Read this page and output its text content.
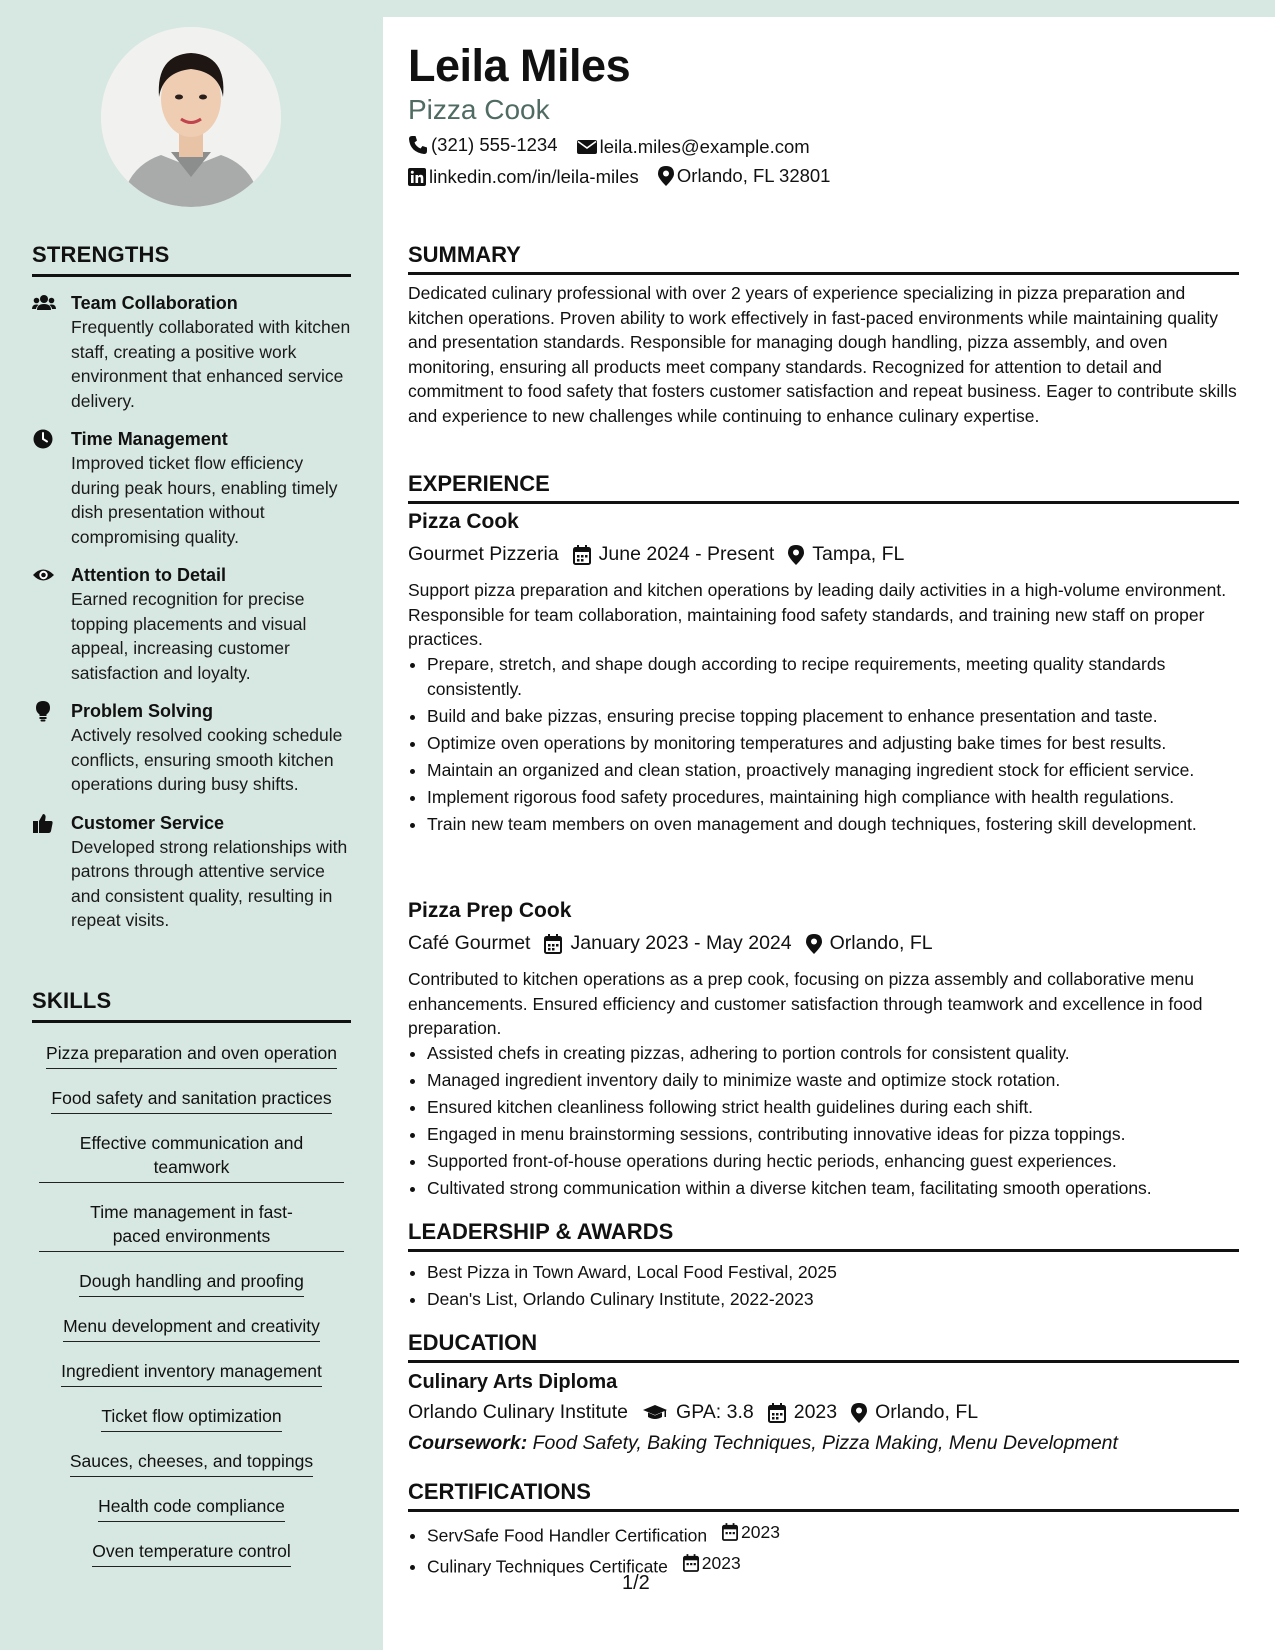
STRENGTHS
Team Collaboration
Frequently collaborated with kitchen staff, creating a positive work environment that enhanced service delivery.
Time Management
Improved ticket flow efficiency during peak hours, enabling timely dish presentation without compromising quality.
Attention to Detail
Earned recognition for precise topping placements and visual appeal, increasing customer satisfaction and loyalty.
Problem Solving
Actively resolved cooking schedule conflicts, ensuring smooth kitchen operations during busy shifts.
Customer Service
Developed strong relationships with patrons through attentive service and consistent quality, resulting in repeat visits.
SKILLS
Pizza preparation and oven operation
Food safety and sanitation practices
Effective communication and teamwork
Time management in fast-paced environments
Dough handling and proofing
Menu development and creativity
Ingredient inventory management
Ticket flow optimization
Sauces, cheeses, and toppings
Health code compliance
Oven temperature control
Leila Miles
Pizza Cook
(321) 555-1234
leila.miles@example.com
linkedin.com/in/leila-miles
Orlando, FL 32801
SUMMARY
Dedicated culinary professional with over 2 years of experience specializing in pizza preparation and kitchen operations. Proven ability to work effectively in fast-paced environments while maintaining quality and presentation standards. Responsible for managing dough handling, pizza assembly, and oven monitoring, ensuring all products meet company standards. Recognized for attention to detail and commitment to food safety that fosters customer satisfaction and repeat business. Eager to contribute skills and experience to new challenges while continuing to enhance culinary expertise.
EXPERIENCE
Pizza Cook
Gourmet Pizzeria June 2024 - Present Tampa, FL
Support pizza preparation and kitchen operations by leading daily activities in a high-volume environment. Responsible for team collaboration, maintaining food safety standards, and training new staff on proper practices.
• Prepare, stretch, and shape dough according to recipe requirements, meeting quality standards consistently.
• Build and bake pizzas, ensuring precise topping placement to enhance presentation and taste.
• Optimize oven operations by monitoring temperatures and adjusting bake times for best results.
• Maintain an organized and clean station, proactively managing ingredient stock for efficient service.
• Implement rigorous food safety procedures, maintaining high compliance with health regulations.
• Train new team members on oven management and dough techniques, fostering skill development.
Pizza Prep Cook
Café Gourmet January 2023 - May 2024 Orlando, FL
Contributed to kitchen operations as a prep cook, focusing on pizza assembly and collaborative menu enhancements. Ensured efficiency and customer satisfaction through teamwork and excellence in food preparation.
• Assisted chefs in creating pizzas, adhering to portion controls for consistent quality.
• Managed ingredient inventory daily to minimize waste and optimize stock rotation.
• Ensured kitchen cleanliness following strict health guidelines during each shift.
• Engaged in menu brainstorming sessions, contributing innovative ideas for pizza toppings.
• Supported front-of-house operations during hectic periods, enhancing guest experiences.
• Cultivated strong communication within a diverse kitchen team, facilitating smooth operations.
LEADERSHIP & AWARDS
• Best Pizza in Town Award, Local Food Festival, 2025
• Dean's List, Orlando Culinary Institute, 2022-2023
EDUCATION
Culinary Arts Diploma
Orlando Culinary Institute GPA: 3.8 2023 Orlando, FL
Coursework: Food Safety, Baking Techniques, Pizza Making, Menu Development
CERTIFICATIONS
• ServSafe Food Handler Certification 2023
• Culinary Techniques Certificate 2023
1/2
